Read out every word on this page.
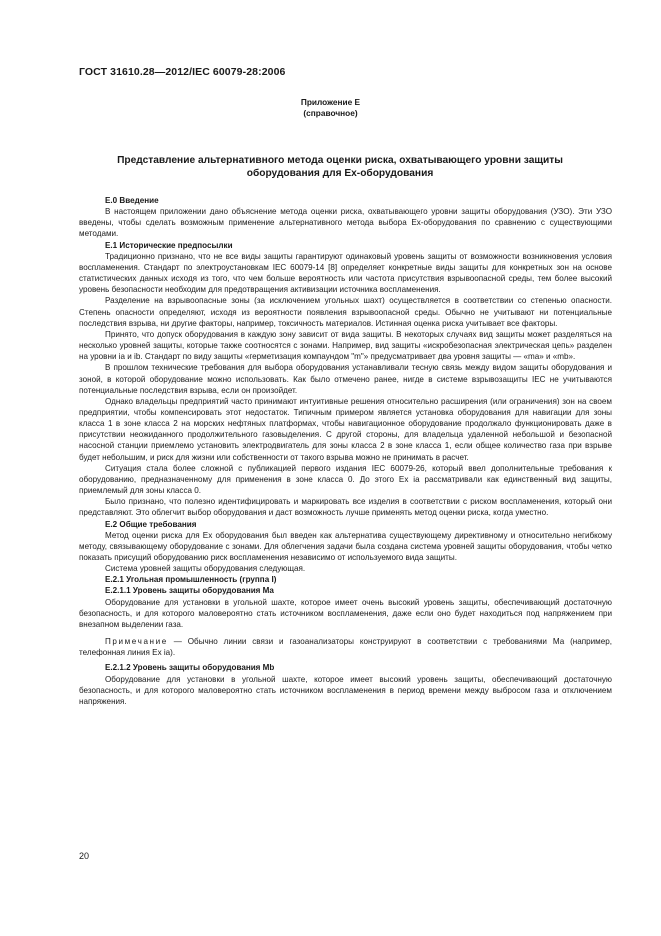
ГОСТ 31610.28—2012/IEC 60079-28:2006
Приложение Е
(справочное)
Представление альтернативного метода оценки риска, охватывающего уровни защиты
оборудования для Ex-оборудования
Е.0 Введение

В настоящем приложении дано объяснение метода оценки риска, охватывающего уровни защиты оборудования (УЗО). Эти УЗО введены, чтобы сделать возможным применение альтернативного метода выбора Ex-оборудования по сравнению с существующими методами.

Е.1 Исторические предпосылки

Традиционно признано, что не все виды защиты гарантируют одинаковый уровень защиты от возможности возникновения условия воспламенения. Стандарт по электроустановкам IEC 60079-14 [8] определяет конкретные виды защиты для конкретных зон на основе статистических данных исходя из того, что чем больше вероятность или частота присутствия взрывоопасной среды, тем более высокий уровень безопасности необходим для предотвращения активизации источника воспламенения.

Разделение на взрывоопасные зоны (за исключением угольных шахт) осуществляется в соответствии со степенью опасности. Степень опасности определяют, исходя из вероятности появления взрывоопасной среды. Обычно не учитывают ни потенциальные последствия взрыва, ни другие факторы, например, токсичность материалов. Истинная оценка риска учитывает все факторы.

Принято, что допуск оборудования в каждую зону зависит от вида защиты. В некоторых случаях вид защиты может разделяться на несколько уровней защиты, которые также соотносятся с зонами. Например, вид защиты «искробезопасная электрическая цепь» разделен на уровни ia и ib. Стандарт по виду защиты «герметизация компаундом "m"» предусматривает два уровня защиты — «ma» и «mb».

В прошлом технические требования для выбора оборудования устанавливали тесную связь между видом защиты оборудования и зоной, в которой оборудование можно использовать. Как было отмечено ранее, нигде в системе взрывозащиты IEC не учитываются потенциальные последствия взрыва, если он произойдет.

Однако владельцы предприятий часто принимают интуитивные решения относительно расширения (или ограничения) зон на своем предприятии, чтобы компенсировать этот недостаток. Типичным примером является установка оборудования для навигации для зоны класса 1 в зоне класса 2 на морских нефтяных платформах, чтобы навигационное оборудование продолжало функционировать даже в присутствии неожиданного продолжительного газовыделения. С другой стороны, для владельца удаленной небольшой и безопасной насосной станции приемлемо установить электродвигатель для зоны класса 2 в зоне класса 1, если общее количество газа при взрыве будет небольшим, и риск для жизни или собственности от такого взрыва можно не принимать в расчет.

Ситуация стала более сложной с публикацией первого издания IEC 60079-26, который ввел дополнительные требования к оборудованию, предназначенному для применения в зоне класса 0. До этого Ex ia рассматривали как единственный вид защиты, приемлемый для зоны класса 0.

Было признано, что полезно идентифицировать и маркировать все изделия в соответствии с риском воспламенения, который они представляют. Это облегчит выбор оборудования и даст возможность лучше применять метод оценки риска, когда уместно.

Е.2 Общие требования

Метод оценки риска для Ex оборудования был введен как альтернатива существующему директивному и относительно негибкому методу, связывающему оборудование с зонами. Для облегчения задачи была создана система уровней защиты оборудования, чтобы четко показать присущий оборудованию риск воспламенения независимо от используемого вида защиты.

Система уровней защиты оборудования следующая.

Е.2.1 Угольная промышленность (группа I)
Е.2.1.1 Уровень защиты оборудования Ma

Оборудование для установки в угольной шахте, которое имеет очень высокий уровень защиты, обеспечивающий достаточную безопасность, и для которого маловероятно стать источником воспламенения, даже если оно будет находиться под напряжением при внезапном выделении газа.

Примечание — Обычно линии связи и газоанализаторы конструируют в соответствии с требованиями Ма (например, телефонная линия Ex ia).

Е.2.1.2 Уровень защиты оборудования Mb

Оборудование для установки в угольной шахте, которое имеет высокий уровень защиты, обеспечивающий достаточную безопасность, и для которого маловероятно стать источником воспламенения в период времени между выбросом газа и отключением напряжения.

20
